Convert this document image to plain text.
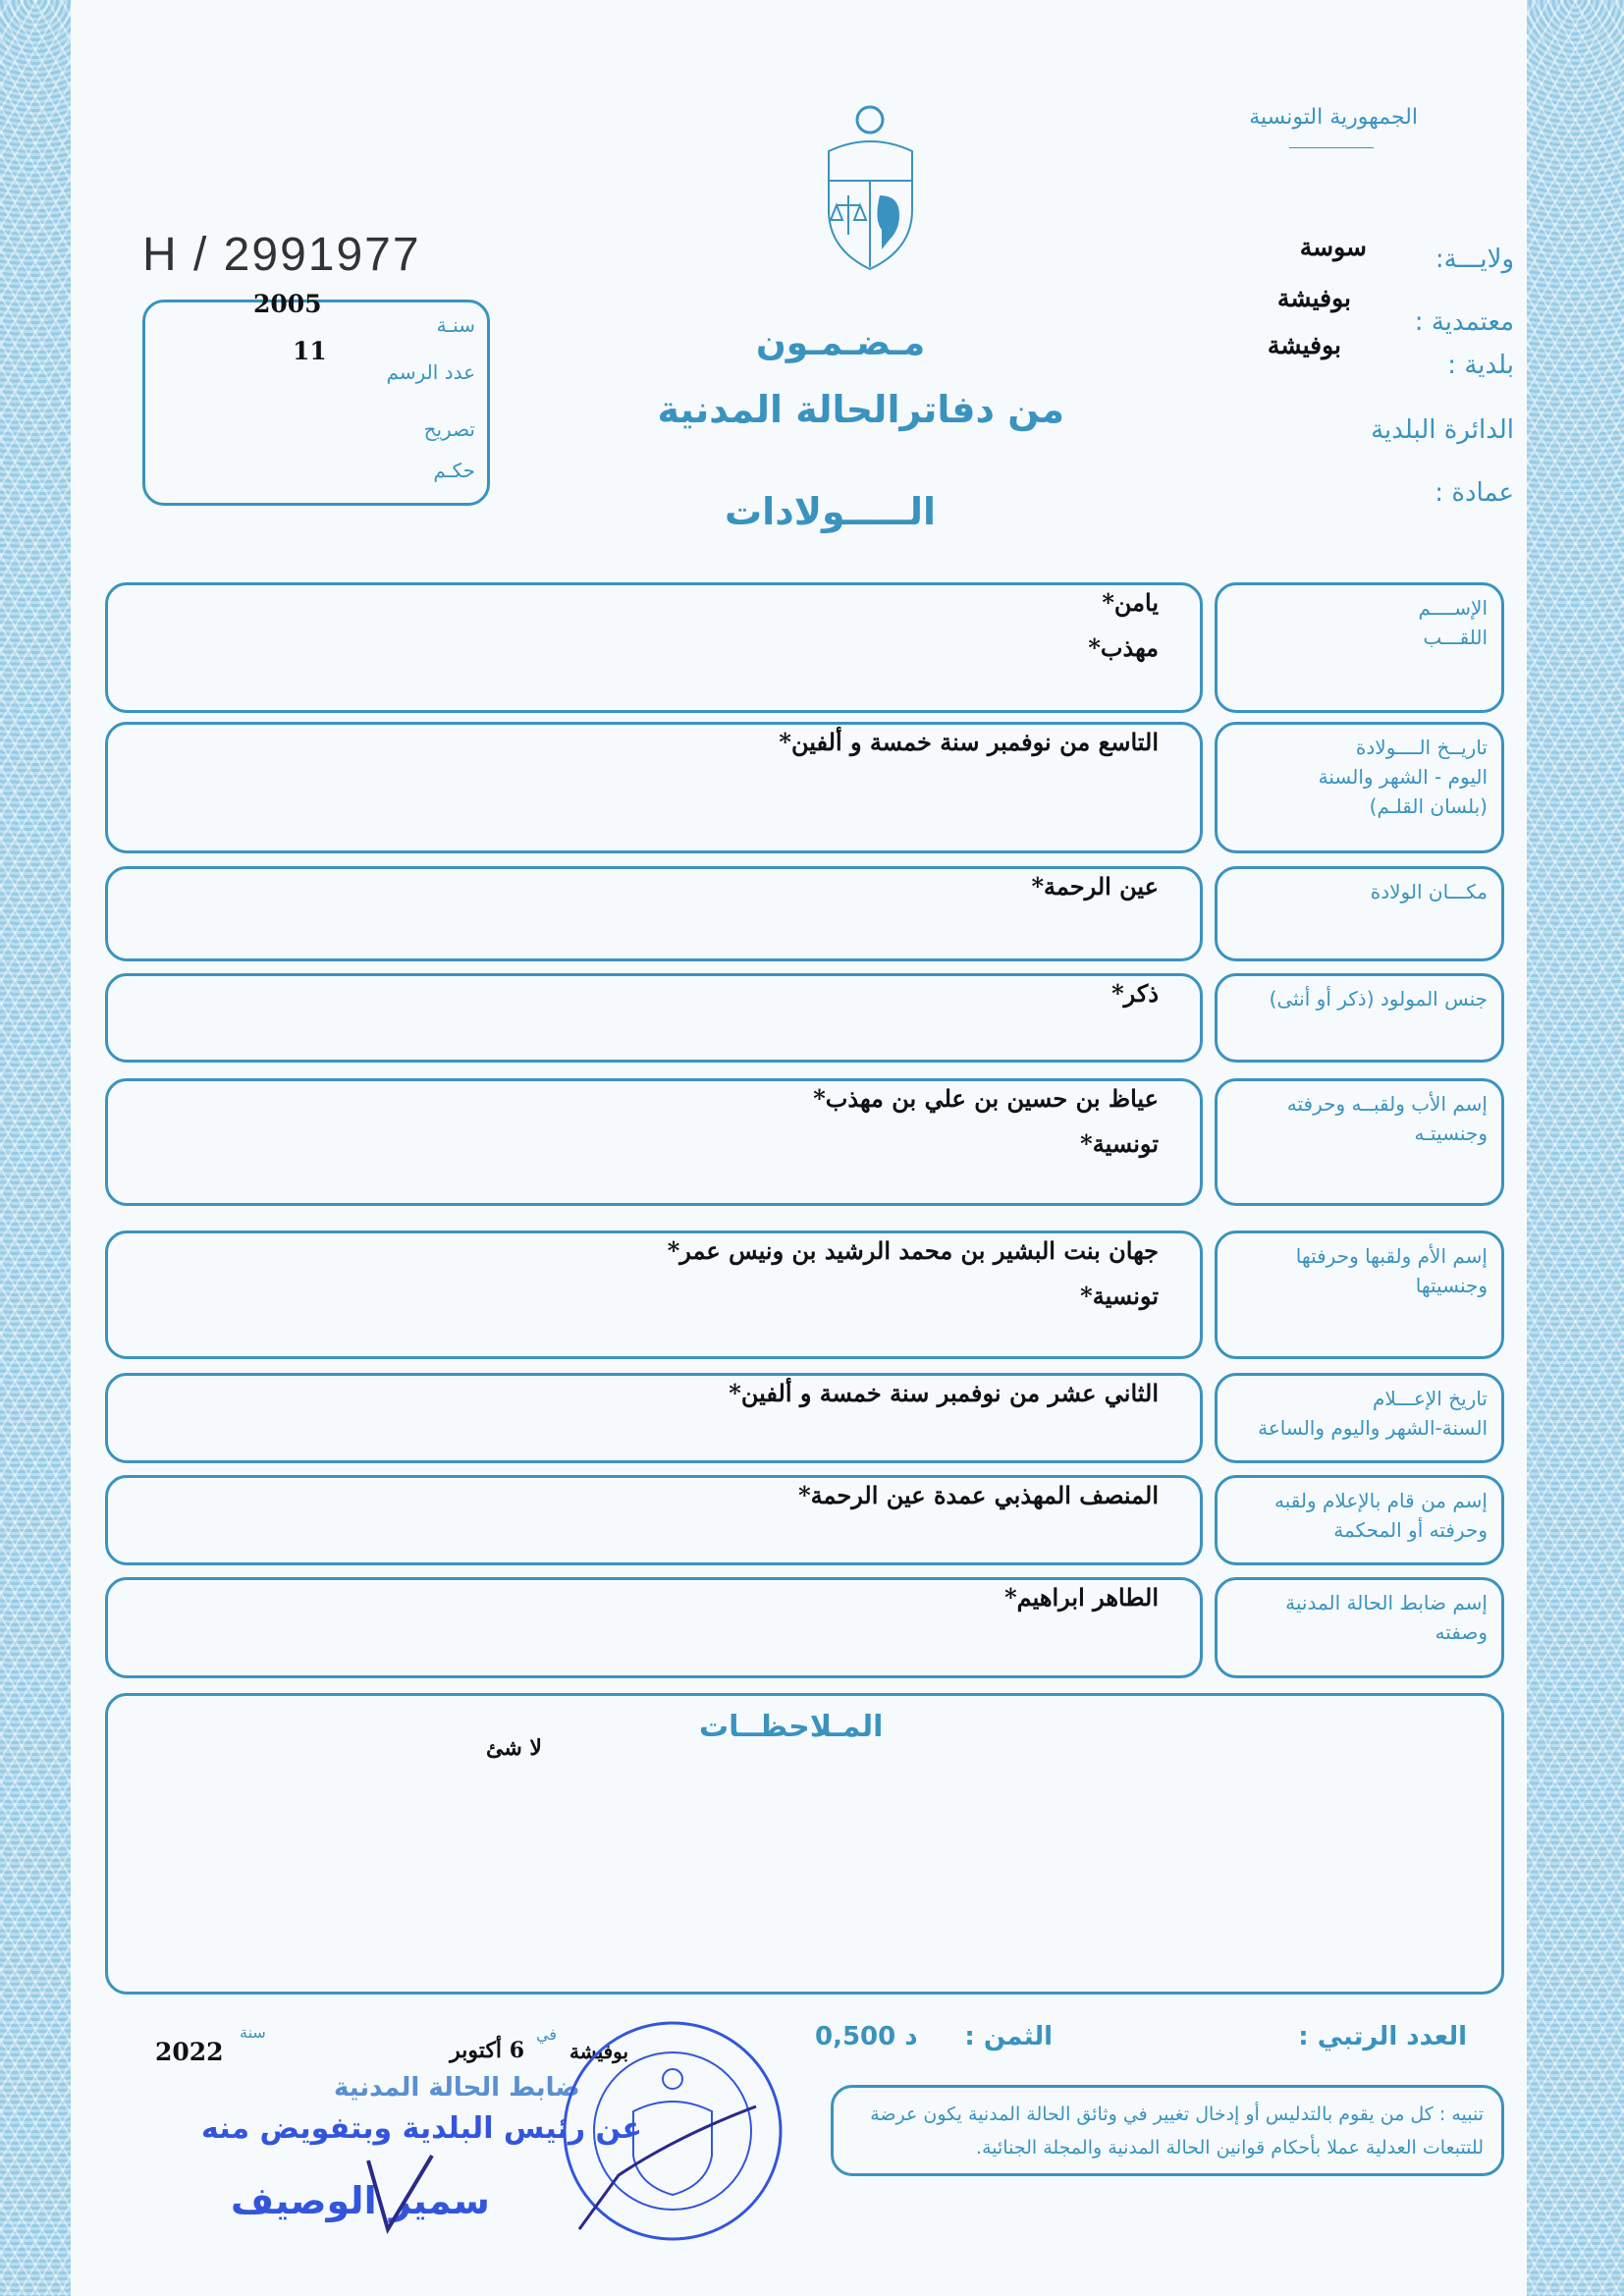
الجمهورية التونسية
ولايـــة:
سوسة
بوفيشة
معتمدية :
بوفيشة
بلدية :
الدائرة البلدية
عمادة :
H / 2991977
2005
سنـة
11
عدد الرسم
تصريح
حكـم
مـضـمـون
من دفاترالحالة المدنية
الـــــولادات
الإســــم
اللقـــب
يامن*
مهذب*
تاريــخ الــــولادة
اليوم - الشهر والسنة
(بلسان القلـم)
التاسع من نوفمبر سنة خمسة و ألفين*
مكـــان الولادة
عين الرحمة*
جنس المولود (ذكر أو أنثى)
ذكر*
إسم الأب ولقبــه وحرفته
وجنسيتـه
عياظ بن حسين بن علي بن مهذب*
تونسية*
إسم الأم ولقبها وحرفتها
وجنسيتها
جهان بنت البشير بن محمد الرشيد بن ونيس عمر*
تونسية*
تاريخ الإعـــلام
السنة-الشهر واليوم والساعة
الثاني عشر من نوفمبر سنة خمسة و ألفين*
إسم من قام بالإعلام ولقبه
وحرفته أو المحكمة
المنصف المهذبي عمدة عين الرحمة*
إسم ضابط الحالة المدنية
وصفته
الطاهر ابراهيم*
المـلاحظــات
لا شئ
العدد الرتبي :
الثمن :
0,500 د
تنبيه : كل من يقوم بالتدليس أو إدخال تغيير في وثائق الحالة المدنية يكون عرضة للتتبعات العدلية عملا بأحكام قوانين الحالة المدنية والمجلة الجنائية.
2022
سنة
6 أكتوبر
في
بوفيشة
ضابط الحالة المدنية
عن رئيس البلدية وبتفويض منه
سمير الوصيف
